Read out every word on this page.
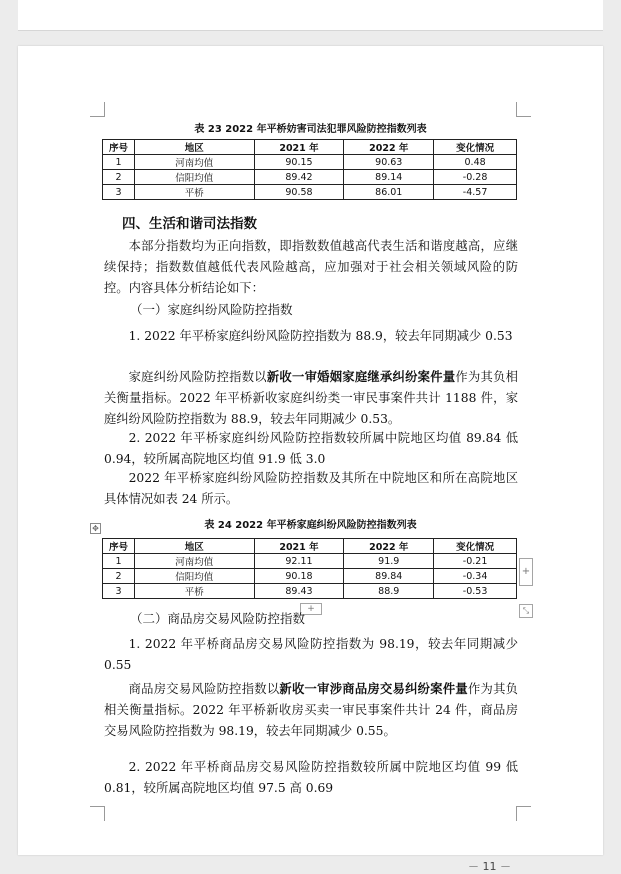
表 23 2022 年平桥妨害司法犯罪风险防控指数列表
序号	地区	2021 年	2022 年	变化情况
1	河南均值	90.15	90.63	0.48
2	信阳均值	89.42	89.14	-0.28
3	平桥	90.58	86.01	-4.57
四、生活和谐司法指数
本部分指数均为正向指数，即指数数值越高代表生活和谐度越高，应继续保持；指数数值越低代表风险越高，应加强对于社会相关领域风险的防控。内容具体分析结论如下：
（一）家庭纠纷风险防控指数
1. 2022 年平桥家庭纠纷风险防控指数为 88.9，较去年同期减少 0.53
家庭纠纷风险防控指数以新收一审婚姻家庭继承纠纷案件量作为其负相关衡量指标。2022 年平桥新收家庭纠纷类一审民事案件共计 1188 件，家庭纠纷风险防控指数为 88.9，较去年同期减少 0.53。
2. 2022 年平桥家庭纠纷风险防控指数较所属中院地区均值 89.84 低 0.94，较所属高院地区均值 91.9 低 3.0
2022 年平桥家庭纠纷风险防控指数及其所在中院地区和所在高院地区具体情况如表 24 所示。
✥	表 24 2022 年平桥家庭纠纷风险防控指数列表
序号	地区	2021 年	2022 年	变化情况
1	河南均值	92.11	91.9	-0.21
2	信阳均值	90.18	89.84	-0.34
3	平桥	89.43	88.9	-0.53
+
+	⤡
（二）商品房交易风险防控指数
1. 2022 年平桥商品房交易风险防控指数为 98.19，较去年同期减少 0.55
商品房交易风险防控指数以新收一审涉商品房交易纠纷案件量作为其负相关衡量指标。2022 年平桥新收房买卖一审民事案件共计 24 件，商品房交易风险防控指数为 98.19，较去年同期减少 0.55。
2. 2022 年平桥商品房交易风险防控指数较所属中院地区均值 99 低 0.81，较所属高院地区均值 97.5 高 0.69
－ 11 －
